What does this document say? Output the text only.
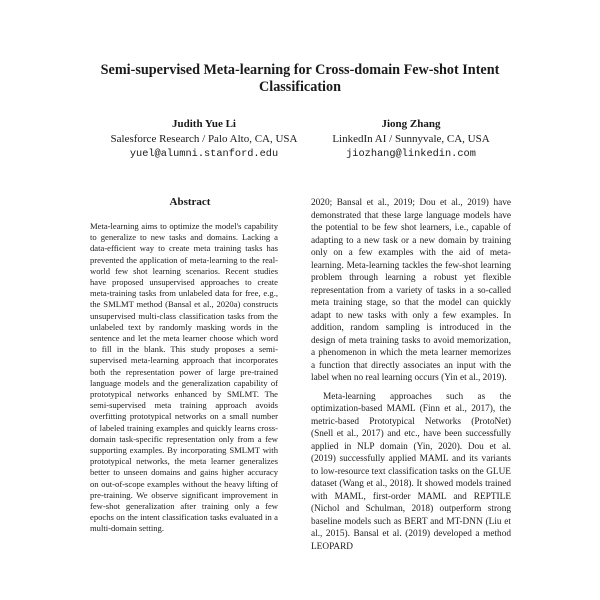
Semi-supervised Meta-learning for Cross-domain Few-shot Intent Classification
Judith Yue Li
Salesforce Research / Palo Alto, CA, USA
yuel@alumni.stanford.edu
Jiong Zhang
LinkedIn AI / Sunnyvale, CA, USA
jiozhang@linkedin.com
Abstract

Meta-learning aims to optimize the model's capability to generalize to new tasks and domains. Lacking a data-efficient way to create meta training tasks has prevented the application of meta-learning to the real-world few shot learning scenarios. Recent studies have proposed unsupervised approaches to create meta-training tasks from unlabeled data for free, e.g., the SMLMT method (Bansal et al., 2020a) constructs unsupervised multi-class classification tasks from the unlabeled text by randomly masking words in the sentence and let the meta learner choose which word to fill in the blank. This study proposes a semi-supervised meta-learning approach that incorporates both the representation power of large pre-trained language models and the generalization capability of prototypical networks enhanced by SMLMT. The semi-supervised meta training approach avoids overfitting prototypical networks on a small number of labeled training examples and quickly learns cross-domain task-specific representation only from a few supporting examples. By incorporating SMLMT with prototypical networks, the meta learner generalizes better to unseen domains and gains higher accuracy on out-of-scope examples without the heavy lifting of pre-training. We observe significant improvement in few-shot generalization after training only a few epochs on the intent classification tasks evaluated in a multi-domain setting.

2020; Bansal et al., 2019; Dou et al., 2019) have demonstrated that these large language models have the potential to be few shot learners, i.e., capable of adapting to a new task or a new domain by training only on a few examples with the aid of meta-learning. Meta-learning tackles the few-shot learning problem through learning a robust yet flexible representation from a variety of tasks in a so-called meta training stage, so that the model can quickly adapt to new tasks with only a few examples. In addition, random sampling is introduced in the design of meta training tasks to avoid memorization, a phenomenon in which the meta learner memorizes a function that directly associates an input with the label when no real learning occurs (Yin et al., 2019).

Meta-learning approaches such as the optimization-based MAML (Finn et al., 2017), the metric-based Prototypical Networks (ProtoNet) (Snell et al., 2017) and etc., have been successfully applied in NLP domain (Yin, 2020). Dou et al. (2019) successfully applied MAML and its variants to low-resource text classification tasks on the GLUE dataset (Wang et al., 2018). It showed models trained with MAML, first-order MAML and REPTILE (Nichol and Schulman, 2018) outperform strong baseline models such as BERT and MT-DNN (Liu et al., 2015). Bansal et al. (2019) developed a method LEOPARD
